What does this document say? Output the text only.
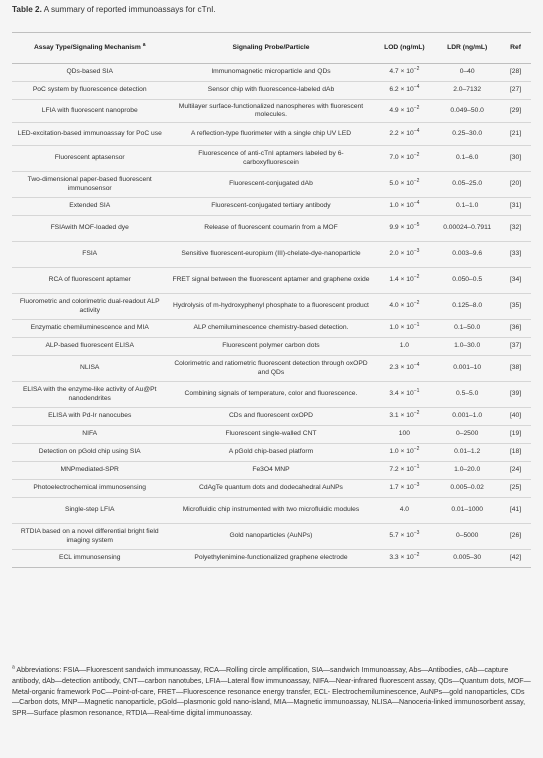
Table 2. A summary of reported immunoassays for cTnI.
Assay Type/Signaling Mechanism $^a$	Signaling Probe/Particle	LOD (ng/mL)	LDR (ng/mL)	Ref
QDs-based SIA	Immunomagnetic microparticle and QDs	$4.7 \times 10^{-2}$	0–40	[28]
PoC system by fluorescence detection	Sensor chip with fluorescence-labeled dAb	$6.2 \times 10^{-4}$	2.0–7132	[27]
LFIA with fluorescent nanoprobe	Multilayer surface-functionalized nanospheres with fluorescent molecules.	$4.9 \times 10^{-2}$	0.049–50.0	[29]
LED-excitation-based immunoassay for PoC use	A reflection-type fluorimeter with a single chip UV LED	$2.2 \times 10^{-4}$	0.25–30.0	[21]
Fluorescent aptasensor	Fluorescence of anti-cTnI aptamers labeled by 6-carboxyfluorescein	$7.0 \times 10^{-2}$	0.1–6.0	[30]
Two-dimensional paper-based fluorescent immunosensor	Fluorescent-conjugated dAb	$5.0 \times 10^{-2}$	0.05–25.0	[20]
Extended SIA	Fluorescent-conjugated tertiary antibody	$1.0 \times 10^{-4}$	0.1–1.0	[31]
FSIAwith MOF-loaded dye	Release of fluorescent coumarin from a MOF	$9.9 \times 10^{-5}$	0.00024–0.7911	[32]
FSIA	Sensitive fluorescent-europium (III)-chelate-dye-nanoparticle	$2.0 \times 10^{-3}$	0.003–9.6	[33]
RCA of fluorescent aptamer	FRET signal between the fluorescent aptamer and graphene oxide	$1.4 \times 10^{-2}$	0.050–0.5	[34]
Fluorometric and colorimetric dual-readout ALP activity	Hydrolysis of m-hydroxyphenyl phosphate to a fluorescent product	$4.0 \times 10^{-2}$	0.125–8.0	[35]
Enzymatic chemiluminescence and MIA	ALP chemiluminescence chemistry-based detection.	$1.0 \times 10^{-1}$	0.1–50.0	[36]
ALP-based fluorescent ELISA	Fluorescent polymer carbon dots	1.0	1.0–30.0	[37]
NLISA	Colorimetric and ratiometric fluorescent detection through oxOPD and QDs	$2.3 \times 10^{-4}$	0.001–10	[38]
ELISA with the enzyme-like activity of Au@Pt nanodendrites	Combining signals of temperature, color and fluorescence.	$3.4 \times 10^{-1}$	0.5–5.0	[39]
ELISA with Pd-Ir nanocubes	CDs and fluorescent oxOPD	$3.1 \times 10^{-2}$	0.001–1.0	[40]
NIFA	Fluorescent single-walled CNT	100	0–2500	[19]
Detection on pGold chip using SIA	A pGold chip-based platform	$1.0 \times 10^{-2}$	0.01–1.2	[18]
MNPmediated-SPR	Fe3O4 MNP	$7.2 \times 10^{-1}$	1.0–20.0	[24]
Photoelectrochemical immunosensing	CdAgTe quantum dots and dodecahedral AuNPs	$1.7 \times 10^{-3}$	0.005–0.02	[25]
Single-step LFIA	Microfluidic chip instrumented with two microfluidic modules	4.0	0.01–1000	[41]
RTDIA based on a novel differential bright field imaging system	Gold nanoparticles (AuNPs)	$5.7 \times 10^{-3}$	0–5000	[26]
ECL immunosensing	Polyethylenimine-functionalized graphene electrode	$3.3 \times 10^{-2}$	0.005–30	[42]
$^a$ Abbreviations: FSIA—Fluorescent sandwich immunoassay, RCA—Rolling circle amplification, SIA—sandwich Immunoassay, Abs—Antibodies, cAb—capture antibody, dAb—detection antibody, CNT—carbon nanotubes, LFIA—Lateral flow immunoassay, NIFA—Near-infrared fluorescent assay, QDs—Quantum dots, MOF—Metal-organic framework PoC—Point-of-care, FRET—Fluorescence resonance energy transfer, ECL- Electrochemiluminescence, AuNPs—gold nanoparticles, CDs—Carbon dots, MNP—Magnetic nanoparticle, pGold—plasmonic gold nano-island, MIA—Magnetic immunoassay, NLISA—Nanoceria-linked immunosorbent assay, SPR—Surface plasmon resonance, RTDIA—Real-time digital immunoassay.
